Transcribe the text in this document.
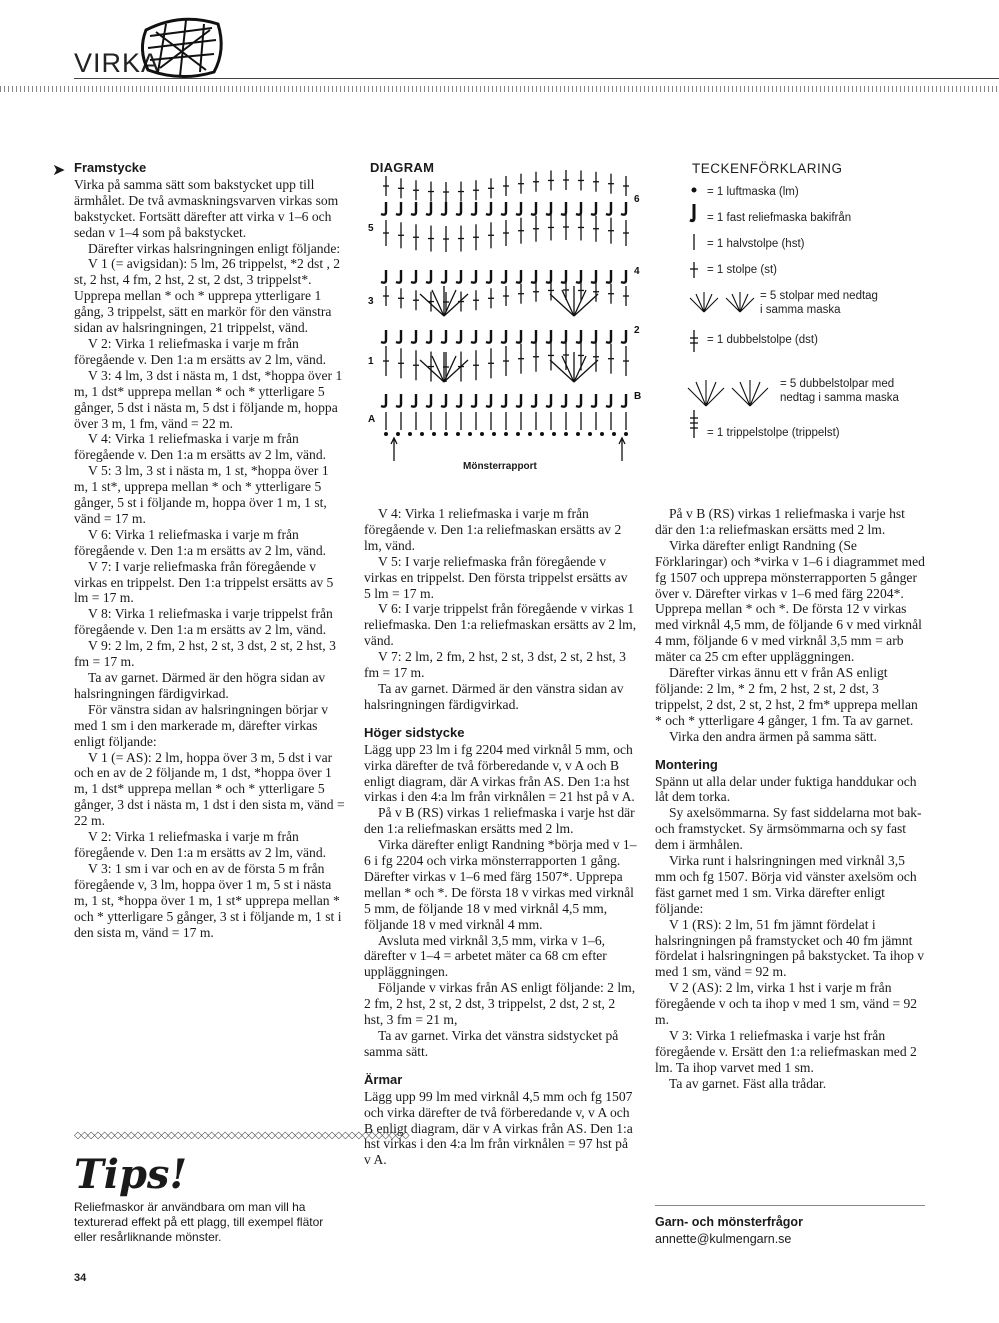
VIRKA
➤ Framstycke

Virka på samma sätt som bakstycket upp till ärmhålet. De två avmaskningsvarven virkas som bakstycket. Fortsätt därefter att virka v 1–6 och sedan v 1–4 som på bakstycket.

Därefter virkas halsringningen enligt följande:

V 1 (= avigsidan): 5 lm, 26 trippelst, *2 dst , 2 st, 2 hst, 4 fm, 2 hst, 2 st, 2 dst, 3 trippelst*. Upprepa mellan * och * upprepa ytterligare 1 gång, 3 trippelst, sätt en markör för den vänstra sidan av halsringningen, 21 trippelst, vänd.

V 2: Virka 1 reliefmaska i varje m från föregående v. Den 1:a m ersätts av 2 lm, vänd.

V 3: 4 lm, 3 dst i nästa m, 1 dst, *hoppa över 1 m, 1 dst* upprepa mellan * och * ytterligare 5 gånger, 5 dst i nästa m, 5 dst i följande m, hoppa över 3 m, 1 fm, vänd = 22 m.

V 4: Virka 1 reliefmaska i varje m från föregående v. Den 1:a m ersätts av 2 lm, vänd.

V 5: 3 lm, 3 st i nästa m, 1 st, *hoppa över 1 m, 1 st*, upprepa mellan * och * ytterligare 5 gånger, 5 st i följande m, hoppa över 1 m, 1 st, vänd = 17 m.

V 6: Virka 1 reliefmaska i varje m från föregående v. Den 1:a m ersätts av 2 lm, vänd.

V 7: I varje reliefmaska från föregående v virkas en trippelst. Den 1:a trippelst ersätts av 5 lm = 17 m.

V 8: Virka 1 reliefmaska i varje trippelst från föregående v. Den 1:a m ersätts av 2 lm, vänd.

V 9: 2 lm, 2 fm, 2 hst, 2 st, 3 dst, 2 st, 2 hst, 3 fm = 17 m.

Ta av garnet. Därmed är den högra sidan av halsringningen färdigvirkad.

För vänstra sidan av halsringningen börjar v med 1 sm i den markerade m, därefter virkas enligt följande:

V 1 (= AS): 2 lm, hoppa över 3 m, 5 dst i var och en av de 2 följande m, 1 dst, *hoppa över 1 m, 1 dst* upprepa mellan * och * ytterligare 5 gånger, 3 dst i nästa m, 1 dst i den sista m, vänd = 22 m.

V 2: Virka 1 reliefmaska i varje m från föregående v. Den 1:a m ersätts av 2 lm, vänd.

V 3: 1 sm i var och en av de första 5 m från föregående v, 3 lm, hoppa över 1 m, 5 st i nästa m, 1 st, *hoppa över 1 m, 1 st* upprepa mellan * och * ytterligare 5 gånger, 3 st i följande m, 1 st i den sista m, vänd = 17 m.

DIAGRAM
5
3
1
A
6
4
2
B
Mönsterrapport
TECKENFÖRKLARING
= 1 luftmaska (lm)
= 1 fast reliefmaska bakifrån
= 1 halvstolpe (hst)
= 1 stolpe (st)
= 5 stolpar med nedtag
i samma maska
= 1 dubbelstolpe (dst)
= 5 dubbelstolpar med
nedtag i samma maska
= 1 trippelstolpe (trippelst)

V 4: Virka 1 reliefmaska i varje m från föregående v. Den 1:a reliefmaskan ersätts av 2 lm, vänd.

V 5: I varje reliefmaska från föregående v virkas en trippelst. Den första trippelst ersätts av 5 lm = 17 m.

V 6: I varje trippelst från föregående v virkas 1 reliefmaska. Den 1:a reliefmaskan ersätts av 2 lm, vänd.

V 7: 2 lm, 2 fm, 2 hst, 2 st, 3 dst, 2 st, 2 hst, 3 fm = 17 m.

Ta av garnet. Därmed är den vänstra sidan av halsringningen färdigvirkad.

Höger sidstycke

Lägg upp 23 lm i fg 2204 med virknål 5 mm, och virka därefter de två förberedande v, v A och B enligt diagram, där A virkas från AS. Den 1:a hst virkas i den 4:a lm från virknålen = 21 hst på v A.

På v B (RS) virkas 1 reliefmaska i varje hst där den 1:a reliefmaskan ersätts med 2 lm.

Virka därefter enligt Randning *börja med v 1–6 i fg 2204 och virka mönsterrapporten 1 gång. Därefter virkas v 1–6 med färg 1507*. Upprepa mellan * och *. De första 18 v virkas med virknål 5 mm, de följande 18 v med virknål 4,5 mm, följande 18 v med virknål 4 mm.

Avsluta med virknål 3,5 mm, virka v 1–6, därefter v 1–4 = arbetet mäter ca 68 cm efter uppläggningen.

Följande v virkas från AS enligt följande: 2 lm, 2 fm, 2 hst, 2 st, 2 dst, 3 trippelst, 2 dst, 2 st, 2 hst, 3 fm = 21 m,

Ta av garnet. Virka det vänstra sidstycket på samma sätt.

Ärmar

Lägg upp 99 lm med virknål 4,5 mm och fg 1507 och virka därefter de två förberedande v, v A och B enligt diagram, där v A virkas från AS. Den 1:a hst virkas i den 4:a lm från virknålen = 97 hst på v A.

På v B (RS) virkas 1 reliefmaska i varje hst där den 1:a reliefmaskan ersätts med 2 lm.

Virka därefter enligt Randning (Se Förklaringar) och *virka v 1–6 i diagrammet med fg 1507 och upprepa mönsterrapporten 5 gånger över v. Därefter virkas v 1–6 med färg 2204*. Upprepa mellan * och *. De första 12 v virkas med virknål 4,5 mm, de följande 6 v med virknål 4 mm, följande 6 v med virknål 3,5 mm = arb mäter ca 25 cm efter uppläggningen.

Därefter virkas ännu ett v från AS enligt följande: 2 lm, * 2 fm, 2 hst, 2 st, 2 dst, 3 trippelst, 2 dst, 2 st, 2 hst, 2 fm* upprepa mellan * och * ytterligare 4 gånger, 1 fm. Ta av garnet.

Virka den andra ärmen på samma sätt.

Montering

Spänn ut alla delar under fuktiga handdukar och låt dem torka.

Sy axelsömmarna. Sy fast siddelarna mot bak- och framstycket. Sy ärmsömmarna och sy fast dem i ärmhålen.

Virka runt i halsringningen med virknål 3,5 mm och fg 1507. Börja vid vänster axelsöm och fäst garnet med 1 sm. Virka därefter enligt följande:

V 1 (RS): 2 lm, 51 fm jämnt fördelat i halsringningen på framstycket och 40 fm jämnt fördelat i halsringningen på bakstycket. Ta ihop v med 1 sm, vänd = 92 m.

V 2 (AS): 2 lm, virka 1 hst i varje m från föregående v och ta ihop v med 1 sm, vänd = 92 m.

V 3: Virka 1 reliefmaska i varje hst från föregående v. Ersätt den 1:a reliefmaskan med 2 lm. Ta ihop varvet med 1 sm.

Ta av garnet. Fäst alla trådar.

◇◇◇◇◇◇◇◇◇◇◇◇◇◇◇◇◇◇◇◇◇◇◇◇◇◇◇◇◇◇◇◇◇◇◇◇◇◇◇◇◇◇◇◇◇◇◇◇◇◇
Tips!
Reliefmaskor är användbara om man vill ha texturerad effekt på ett plagg, till exempel flätor eller resårliknande mönster.
Garn- och mönsterfrågor
annette@kulmengarn.se
34
